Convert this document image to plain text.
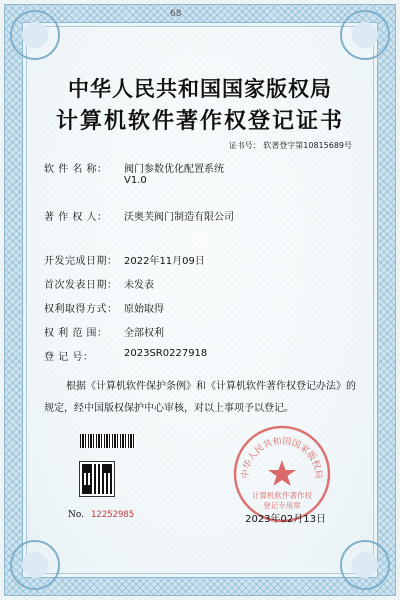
68
中华人民共和国国家版权局
计算机软件著作权登记证书
证书号： 软著登字第10815689号
软 件 名 称：	阀门参数优化配置系统
V1.0
著 作 权 人：	沃奥芙阀门制造有限公司
开发完成日期： 2022年11月09日
首次发表日期： 未发表
权利取得方式： 原始取得
权 利 范 围：	全部权利
登 记 号：	2023SR0227918
根据《计算机软件保护条例》和《计算机软件著作权登记办法》的
规定，经中国版权保护中心审核，对以上事项予以登记。
No. 12252985
中华人民共和国国家版权局
计算机软件著作权
登记专用章
2023年02月13日
